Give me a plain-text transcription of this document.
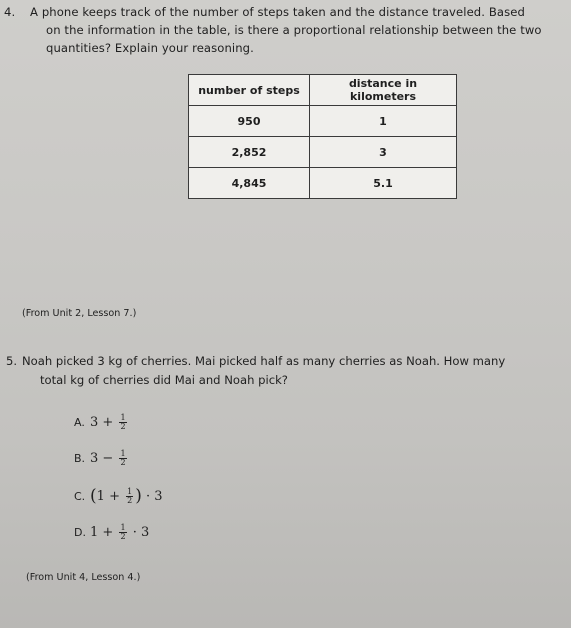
4. A phone keeps track of the number of steps taken and the distance traveled. Based
on the information in the table, is there a proportional relationship between the two
quantities? Explain your reasoning.
number of steps	distance in kilometers
950	1
2,852	3
4,845	5.1
(From Unit 2, Lesson 7.)
5. Noah picked 3 kg of cherries. Mai picked half as many cherries as Noah. How many
total kg of cherries did Mai and Noah pick?
A. 3
+
$\frac{1}{2}$
B. 3
−
$\frac{1}{2}$
C. ( 1
+
$\frac{1}{2}$ )
· 3
D. 1
+
$\frac{1}{2}$
· 3
(From Unit 4, Lesson 4.)
